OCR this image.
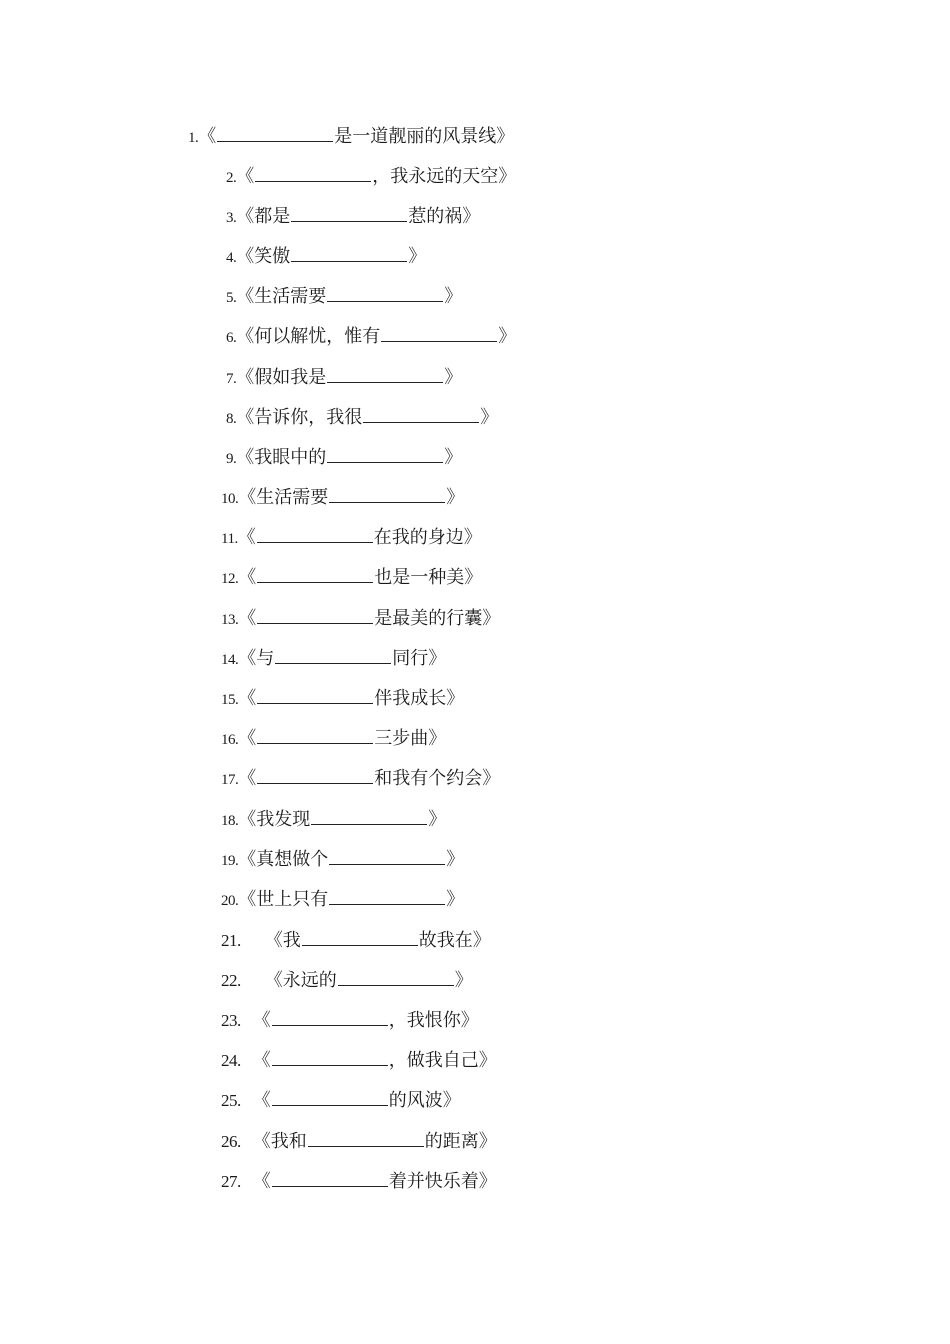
1.《	是一道靓丽的风景线》
2.《	，我永远的天空》
3.《都是	惹的祸》
4.《笑傲	》
5.《生活需要	》
6.《何以解忧，惟有	》
7.《假如我是	》
8.《告诉你，我很	》
9.《我眼中的	》
10.《生活需要	》
11.《	在我的身边》
12.《	也是一种美》
13.《	是最美的行囊》
14.《与	同行》
15.《	伴我成长》
16.《	三步曲》
17.《	和我有个约会》
18.《我发现	》
19.《真想做个	》
20.《世上只有	》
21. 《我	故我在》
22. 《永远的	》
23. 《	，我恨你》
24. 《	，做我自己》
25. 《	的风波》
26. 《我和	的距离》
27. 《	着并快乐着》
